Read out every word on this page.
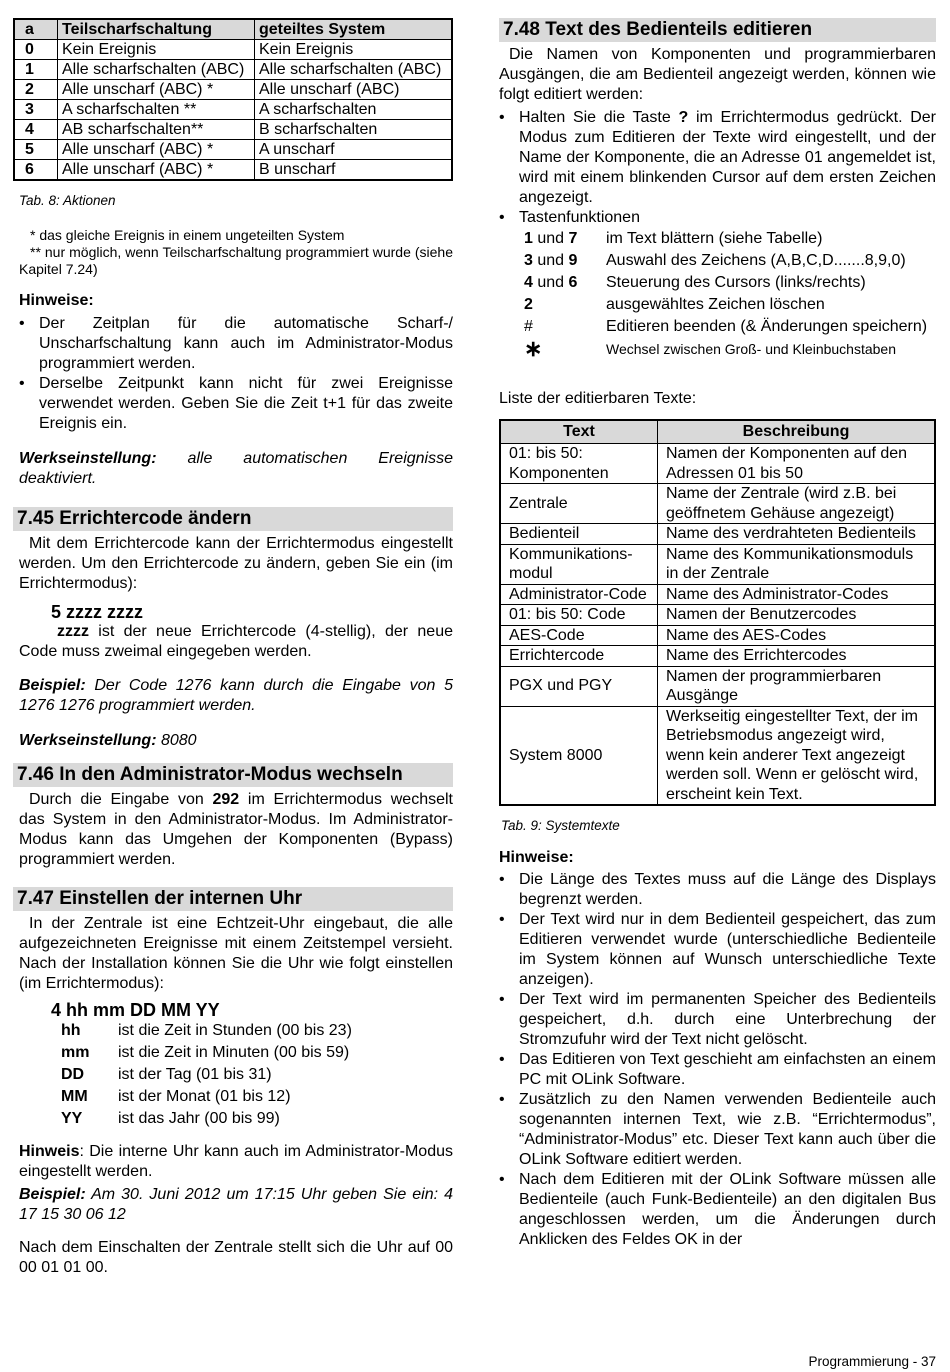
a	Teilscharfschaltung	geteiltes System
0	Kein Ereignis	Kein Ereignis
1	Alle scharfschalten (ABC)	Alle scharfschalten (ABC)
2	Alle unscharf (ABC) *	Alle unscharf (ABC)
3	A scharfschalten **	A scharfschalten
4	AB scharfschalten**	B scharfschalten
5	Alle unscharf (ABC) *	A unscharf
6	Alle unscharf (ABC) *	B unscharf
Tab. 8: Aktionen

* das gleiche Ereignis in einem ungeteilten System

** nur möglich, wenn Teilscharfschaltung programmiert wurde (siehe Kapitel 7.24)

Hinweise:
• Der Zeitplan für die automatische Scharf-/ Unscharfschaltung kann auch im Administrator-Modus programmiert werden.
• Derselbe Zeitpunkt kann nicht für zwei Ereignisse verwendet werden. Geben Sie die Zeit t+1 für das zweite Ereignis ein.

Werkseinstellung: alle automatischen Ereignisse deaktiviert.

7.45 Errichtercode ändern

Mit dem Errichtercode kann der Errichtermodus eingestellt werden. Um den Errichtercode zu ändern, geben Sie ein (im Errichtermodus):

5 zzzz zzzz

zzzz ist der neue Errichtercode (4-stellig), der neue Code muss zweimal eingegeben werden.

Beispiel: Der Code 1276 kann durch die Eingabe von 5 1276 1276 programmiert werden.

Werkseinstellung: 8080

7.46 In den Administrator-Modus wechseln

Durch die Eingabe von 292 im Errichtermodus wechselt das System in den Administrator-Modus. Im Administrator-Modus kann das Umgehen der Komponenten (Bypass) programmiert werden.

7.47 Einstellen der internen Uhr

In der Zentrale ist eine Echtzeit-Uhr eingebaut, die alle aufgezeichneten Ereignisse mit einem Zeitstempel versieht. Nach der Installation können Sie die Uhr wie folgt einstellen (im Errichtermodus):

4 hh mm DD MM YY
hh	ist die Zeit in Stunden (00 bis 23)
mm	ist die Zeit in Minuten (00 bis 59)
DD	ist der Tag (01 bis 31)
MM	ist der Monat (01 bis 12)
YY	ist das Jahr (00 bis 99)

Hinweis: Die interne Uhr kann auch im Administrator-Modus eingestellt werden.

Beispiel: Am 30. Juni 2012 um 17:15 Uhr geben Sie ein: 4 17 15 30 06 12

Nach dem Einschalten der Zentrale stellt sich die Uhr auf 00 00 01 01 00.

7.48 Text des Bedienteils editieren

Die Namen von Komponenten und programmierbaren Ausgängen, die am Bedienteil angezeigt werden, können wie folgt editiert werden:

• Halten Sie die Taste ? im Errichtermodus gedrückt. Der Modus zum Editieren der Texte wird eingestellt, und der Name der Komponente, die an Adresse 01 angemeldet ist, wird mit einem blinkenden Cursor auf dem ersten Zeichen angezeigt.
• Tastenfunktionen
1 und 7	im Text blättern (siehe Tabelle)
3 und 9	Auswahl des Zeichens (A,B,C,D.......8,9,0)
4 und 6	Steuerung des Cursors (links/rechts)
2	ausgewähltes Zeichen löschen
#	Editieren beenden (& Änderungen speichern)
∗	Wechsel zwischen Groß- und Kleinbuchstaben

Liste der editierbaren Texte:

Text	Beschreibung
01: bis 50: Komponenten	Namen der Komponenten auf den Adressen 01 bis 50
Zentrale	Name der Zentrale (wird z.B. bei geöffnetem Gehäuse angezeigt)
Bedienteil	Name des verdrahteten Bedienteils
Kommunikations-modul	Name des Kommunikationsmoduls in der Zentrale
Administrator-Code	Name des Administrator-Codes
01: bis 50: Code	Namen der Benutzercodes
AES-Code	Name des AES-Codes
Errichtercode	Name des Errichtercodes
PGX und PGY	Namen der programmierbaren Ausgänge
System 8000	Werkseitig eingestellter Text, der im Betriebsmodus angezeigt wird, wenn kein anderer Text angezeigt werden soll. Wenn er gelöscht wird, erscheint kein Text.
Tab. 9: Systemtexte
Hinweise:
• Die Länge des Textes muss auf die Länge des Displays begrenzt werden.
• Der Text wird nur in dem Bedienteil gespeichert, das zum Editieren verwendet wurde (unterschiedliche Bedienteile im System können auf Wunsch unterschiedliche Texte anzeigen).
• Der Text wird im permanenten Speicher des Bedienteils gespeichert, d.h. durch eine Unterbrechung der Stromzufuhr wird der Text nicht gelöscht.
• Das Editieren von Text geschieht am einfachsten an einem PC mit OLink Software.
• Zusätzlich zu den Namen verwenden Bedienteile auch sogenannten internen Text, wie z.B. “Errichtermodus”, “Administrator-Modus” etc. Dieser Text kann auch über die OLink Software editiert werden.
• Nach dem Editieren mit der OLink Software müssen alle Bedienteile (auch Funk-Bedienteile) an den digitalen Bus angeschlossen werden, um die Änderungen durch Anklicken des Feldes OK in der
Programmierung - 37
